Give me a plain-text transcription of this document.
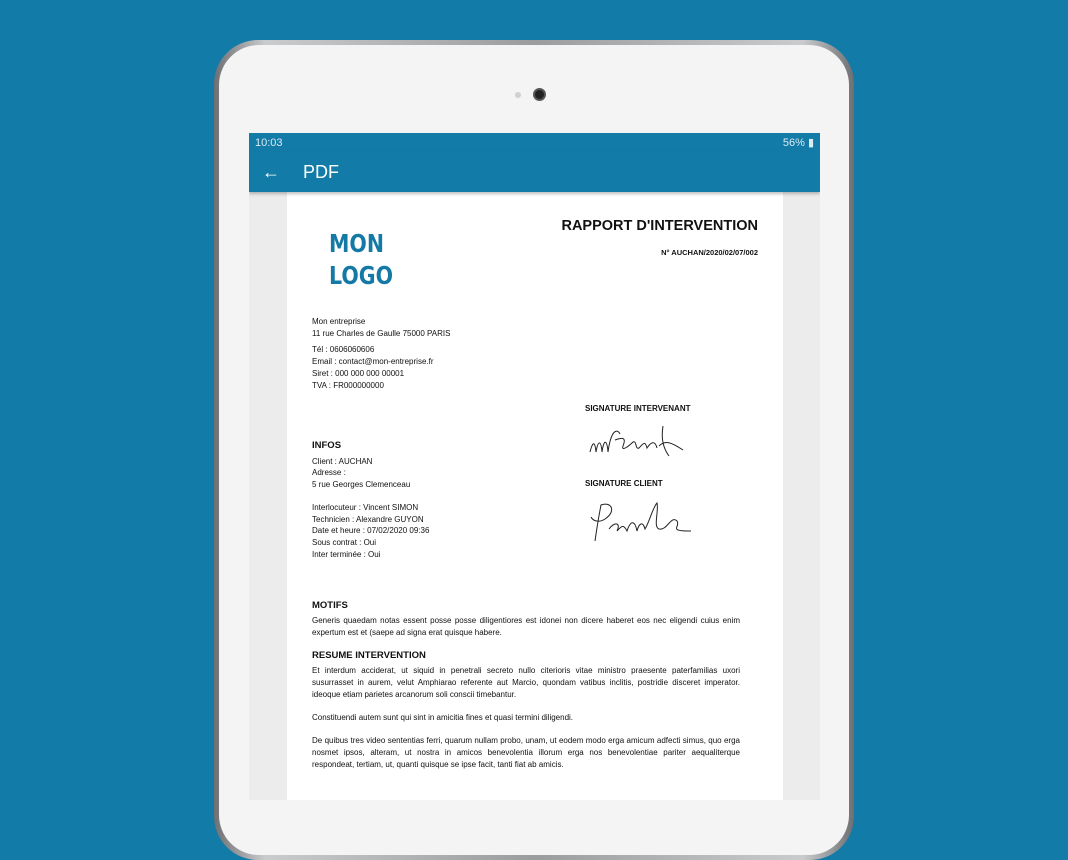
10:03	56% ▮
←	PDF
MON
LOGO
RAPPORT D'INTERVENTION
N° AUCHAN/2020/02/07/002
Mon entreprise
11 rue Charles de Gaulle 75000 PARIS
Tél : 0606060606
Email : contact@mon-entreprise.fr
Siret : 000 000 000 00001
TVA : FR000000000
INFOS
Client : AUCHAN
Adresse :
5 rue Georges Clemenceau
Interlocuteur : Vincent SIMON
Technicien : Alexandre GUYON
Date et heure : 07/02/2020 09:36
Sous contrat : Oui
Inter terminée : Oui
SIGNATURE INTERVENANT
SIGNATURE CLIENT
MOTIFS
Generis quaedam notas essent posse posse diligentiores est idonei non dicere haberet eos nec eligendi cuius enim expertum est et (saepe ad signa erat quisque habere.
RESUME INTERVENTION
Et interdum acciderat, ut siquid in penetrali secreto nullo citerioris vitae ministro praesente paterfamilias uxori susurrasset in aurem, velut Amphiarao referente aut Marcio, quondam vatibus inclitis, postridie disceret imperator. ideoque etiam parietes arcanorum soli conscii timebantur.
Constituendi autem sunt qui sint in amicitia fines et quasi termini diligendi.
De quibus tres video sententias ferri, quarum nullam probo, unam, ut eodem modo erga amicum adfecti simus, quo erga nosmet ipsos, alteram, ut nostra in amicos benevolentia illorum erga nos benevolentiae pariter aequaliterque respondeat, tertiam, ut, quanti quisque se ipse facit, tanti fiat ab amicis.
